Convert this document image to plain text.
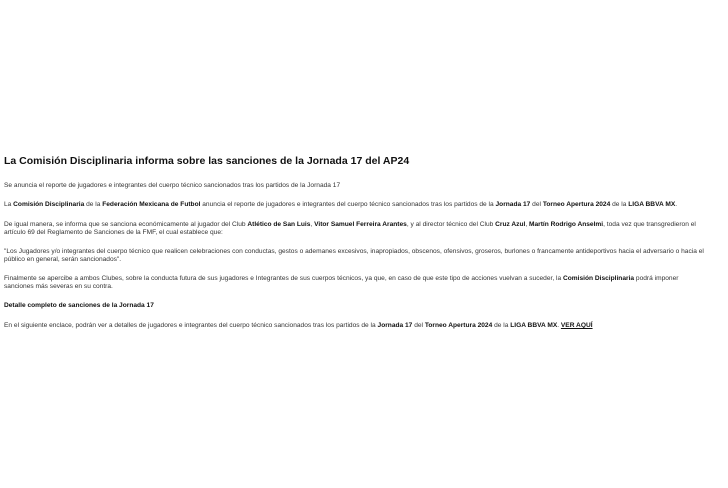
La Comisión Disciplinaria informa sobre las sanciones de la Jornada 17 del AP24

Se anuncia el reporte de jugadores e integrantes del cuerpo técnico sancionados tras los partidos de la Jornada 17

La Comisión Disciplinaria de la Federación Mexicana de Futbol anuncia el reporte de jugadores e integrantes del cuerpo técnico sancionados tras los partidos de la Jornada 17 del Torneo Apertura 2024 de la LIGA BBVA MX.

De igual manera, se informa que se sanciona económicamente al jugador del Club Atlético de San Luis, Vitor Samuel Ferreira Arantes, y al director técnico del Club Cruz Azul, Martín Rodrigo Anselmi, toda vez que transgredieron el artículo 69 del Reglamento de Sanciones de la FMF, el cual establece que:

"Los Jugadores y/o integrantes del cuerpo técnico que realicen celebraciones con conductas, gestos o ademanes excesivos, inapropiados, obscenos, ofensivos, groseros, burlones o francamente antideportivos hacia el adversario o hacia el público en general, serán sancionados".

Finalmente se apercibe a ambos Clubes, sobre la conducta futura de sus jugadores e Integrantes de sus cuerpos técnicos, ya que, en caso de que este tipo de acciones vuelvan a suceder, la Comisión Disciplinaria podrá imponer sanciones más severas en su contra.

Detalle completo de sanciones de la Jornada 17

En el siguiente enclace, podrán ver a detalles de jugadores e integrantes del cuerpo técnico sancionados tras los partidos de la Jornada 17 del Torneo Apertura 2024 de la LIGA BBVA MX. VER AQUÍ
